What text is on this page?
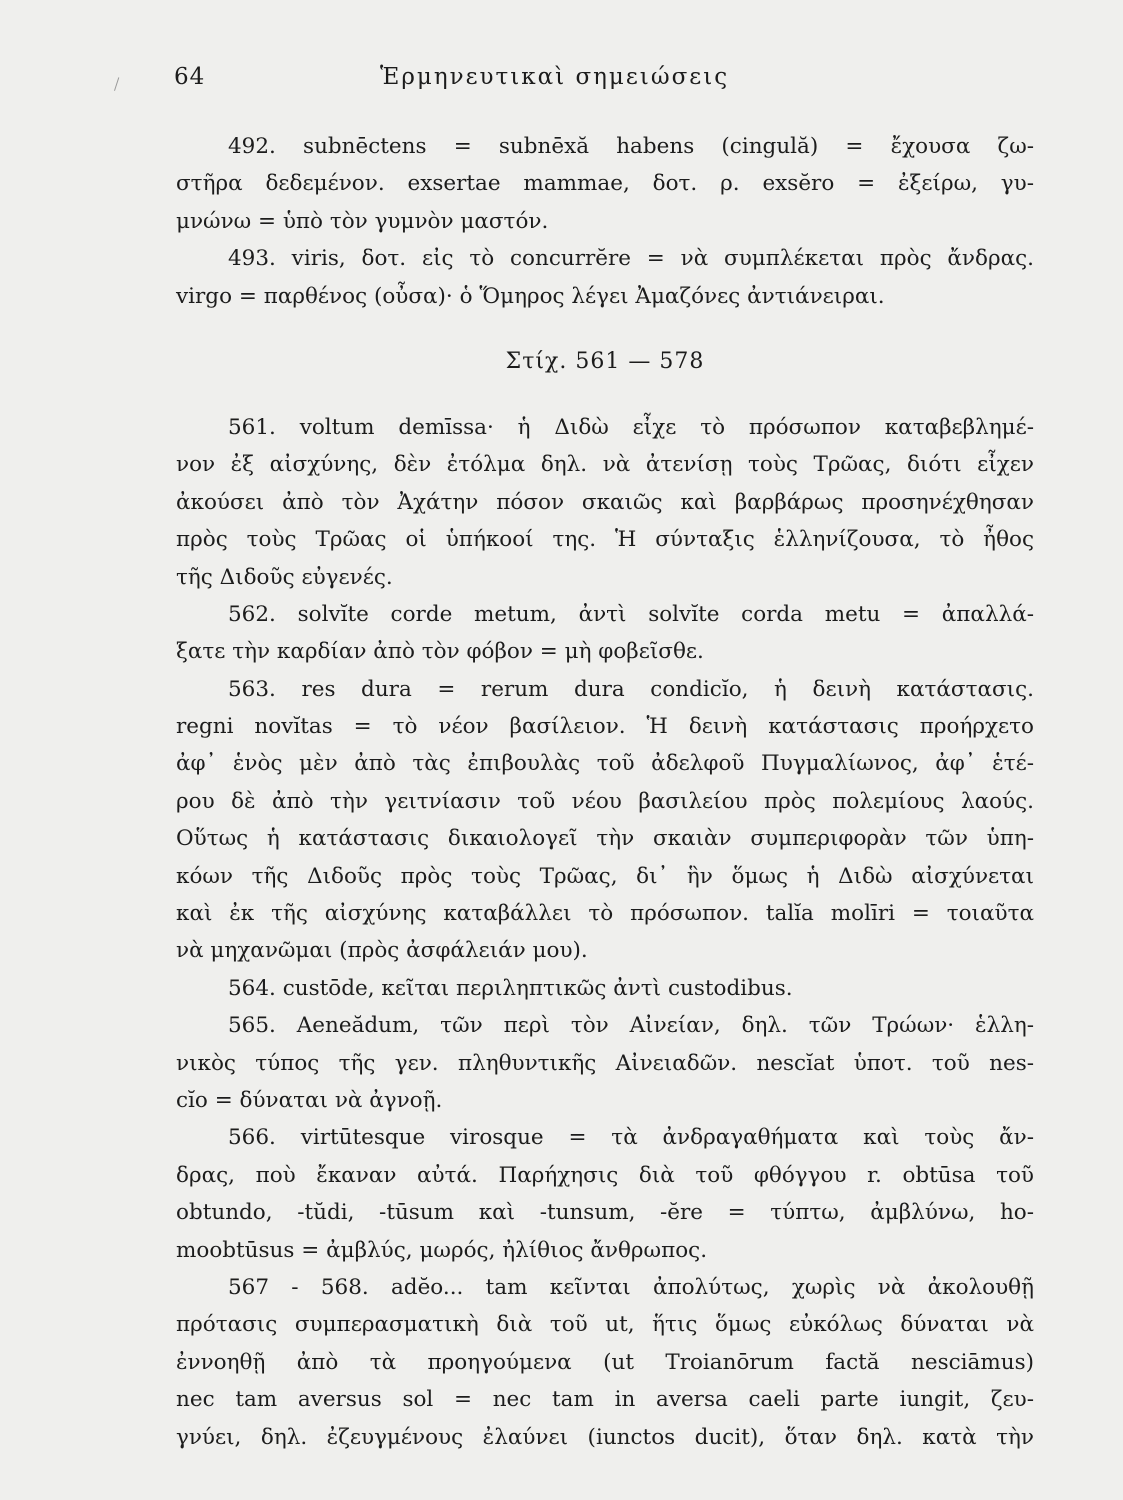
64	Ἑρμηνευτικαὶ σημειώσεις
492. subnēctens = subnēxă habens (cingulă) = ἔχουσα ζω-
στῆρα δεδεμένον. exsertae mammae, δοτ. ρ. exsĕro = ἐξείρω, γυ-
μνώνω = ὑπὸ τὸν γυμνὸν μαστόν.
493. viris, δοτ. εἰς τὸ concurrĕre = νὰ συμπλέκεται πρὸς ἄνδρας.
virgo = παρθένος (οὖσα)· ὁ Ὅμηρος λέγει Ἀμαζόνες ἀντιάνειραι.
Στίχ. 561 — 578
561. voltum demīssa· ἡ Διδὼ εἶχε τὸ πρόσωπον καταβεβλημέ-
νον ἐξ αἰσχύνης, δὲν ἐτόλμα δηλ. νὰ ἀτενίσῃ τοὺς Τρῶας, διότι εἶχεν
ἀκούσει ἀπὸ τὸν Ἀχάτην πόσον σκαιῶς καὶ βαρβάρως προσηνέχθησαν
πρὸς τοὺς Τρῶας οἱ ὑπήκοοί της. Ἡ σύνταξις ἑλληνίζουσα, τὸ ἦθος
τῆς Διδοῦς εὐγενές.
562. solvĭte corde metum, ἀντὶ solvĭte corda metu = ἀπαλλά-
ξατε τὴν καρδίαν ἀπὸ τὸν φόβον = μὴ φοβεῖσθε.
563. res dura = rerum dura condicĭo, ἡ δεινὴ κατάστασις.
regni novĭtas = τὸ νέον βασίλειον. Ἡ δεινὴ κατάστασις προήρχετο
ἀφ᾿ ἑνὸς μὲν ἀπὸ τὰς ἐπιβουλὰς τοῦ ἀδελφοῦ Πυγμαλίωνος, ἀφ᾿ ἑτέ-
ρου δὲ ἀπὸ τὴν γειτνίασιν τοῦ νέου βασιλείου πρὸς πολεμίους λαούς.
Οὕτως ἡ κατάστασις δικαιολογεῖ τὴν σκαιὰν συμπεριφορὰν τῶν ὑπη-
κόων τῆς Διδοῦς πρὸς τοὺς Τρῶας, δι᾿ ἣν ὅμως ἡ Διδὼ αἰσχύνεται
καὶ ἐκ τῆς αἰσχύνης καταβάλλει τὸ πρόσωπον. talĭa molīri = τοιαῦτα
νὰ μηχανῶμαι (πρὸς ἀσφάλειάν μου).
564. custōde, κεῖται περιληπτικῶς ἀντὶ custodibus.
565. Aeneădum, τῶν περὶ τὸν Αἰνείαν, δηλ. τῶν Τρώων· ἑλλη-
νικὸς τύπος τῆς γεν. πληθυντικῆς Αἰνειαδῶν. nescĭat ὑποτ. τοῦ nes-
cĭo = δύναται νὰ ἀγνοῇ.
566. virtūtesque virosque = τὰ ἀνδραγαθήματα καὶ τοὺς ἄν-
δρας, ποὺ ἔκαναν αὐτά. Παρήχησις διὰ τοῦ φθόγγου r. obtūsa τοῦ
obtundo, -tŭdi, -tūsum καὶ -tunsum, -ĕre = τύπτω, ἀμβλύνω, ho-
moobtūsus = ἀμβλύς, μωρός, ἠλίθιος ἄνθρωπος.
567 - 568. adĕo... tam κεῖνται ἀπολύτως, χωρὶς νὰ ἀκολουθῇ
πρότασις συμπερασματικὴ διὰ τοῦ ut, ἥτις ὅμως εὐκόλως δύναται νὰ
ἐννοηθῇ ἀπὸ τὰ προηγούμενα (ut Troianōrum factă nesciāmus)
nec tam aversus sol = nec tam in aversa caeli parte iungit, ζευ-
γνύει, δηλ. ἐζευγμένους ἐλαύνει (iunctos ducit), ὅταν δηλ. κατὰ τὴν
